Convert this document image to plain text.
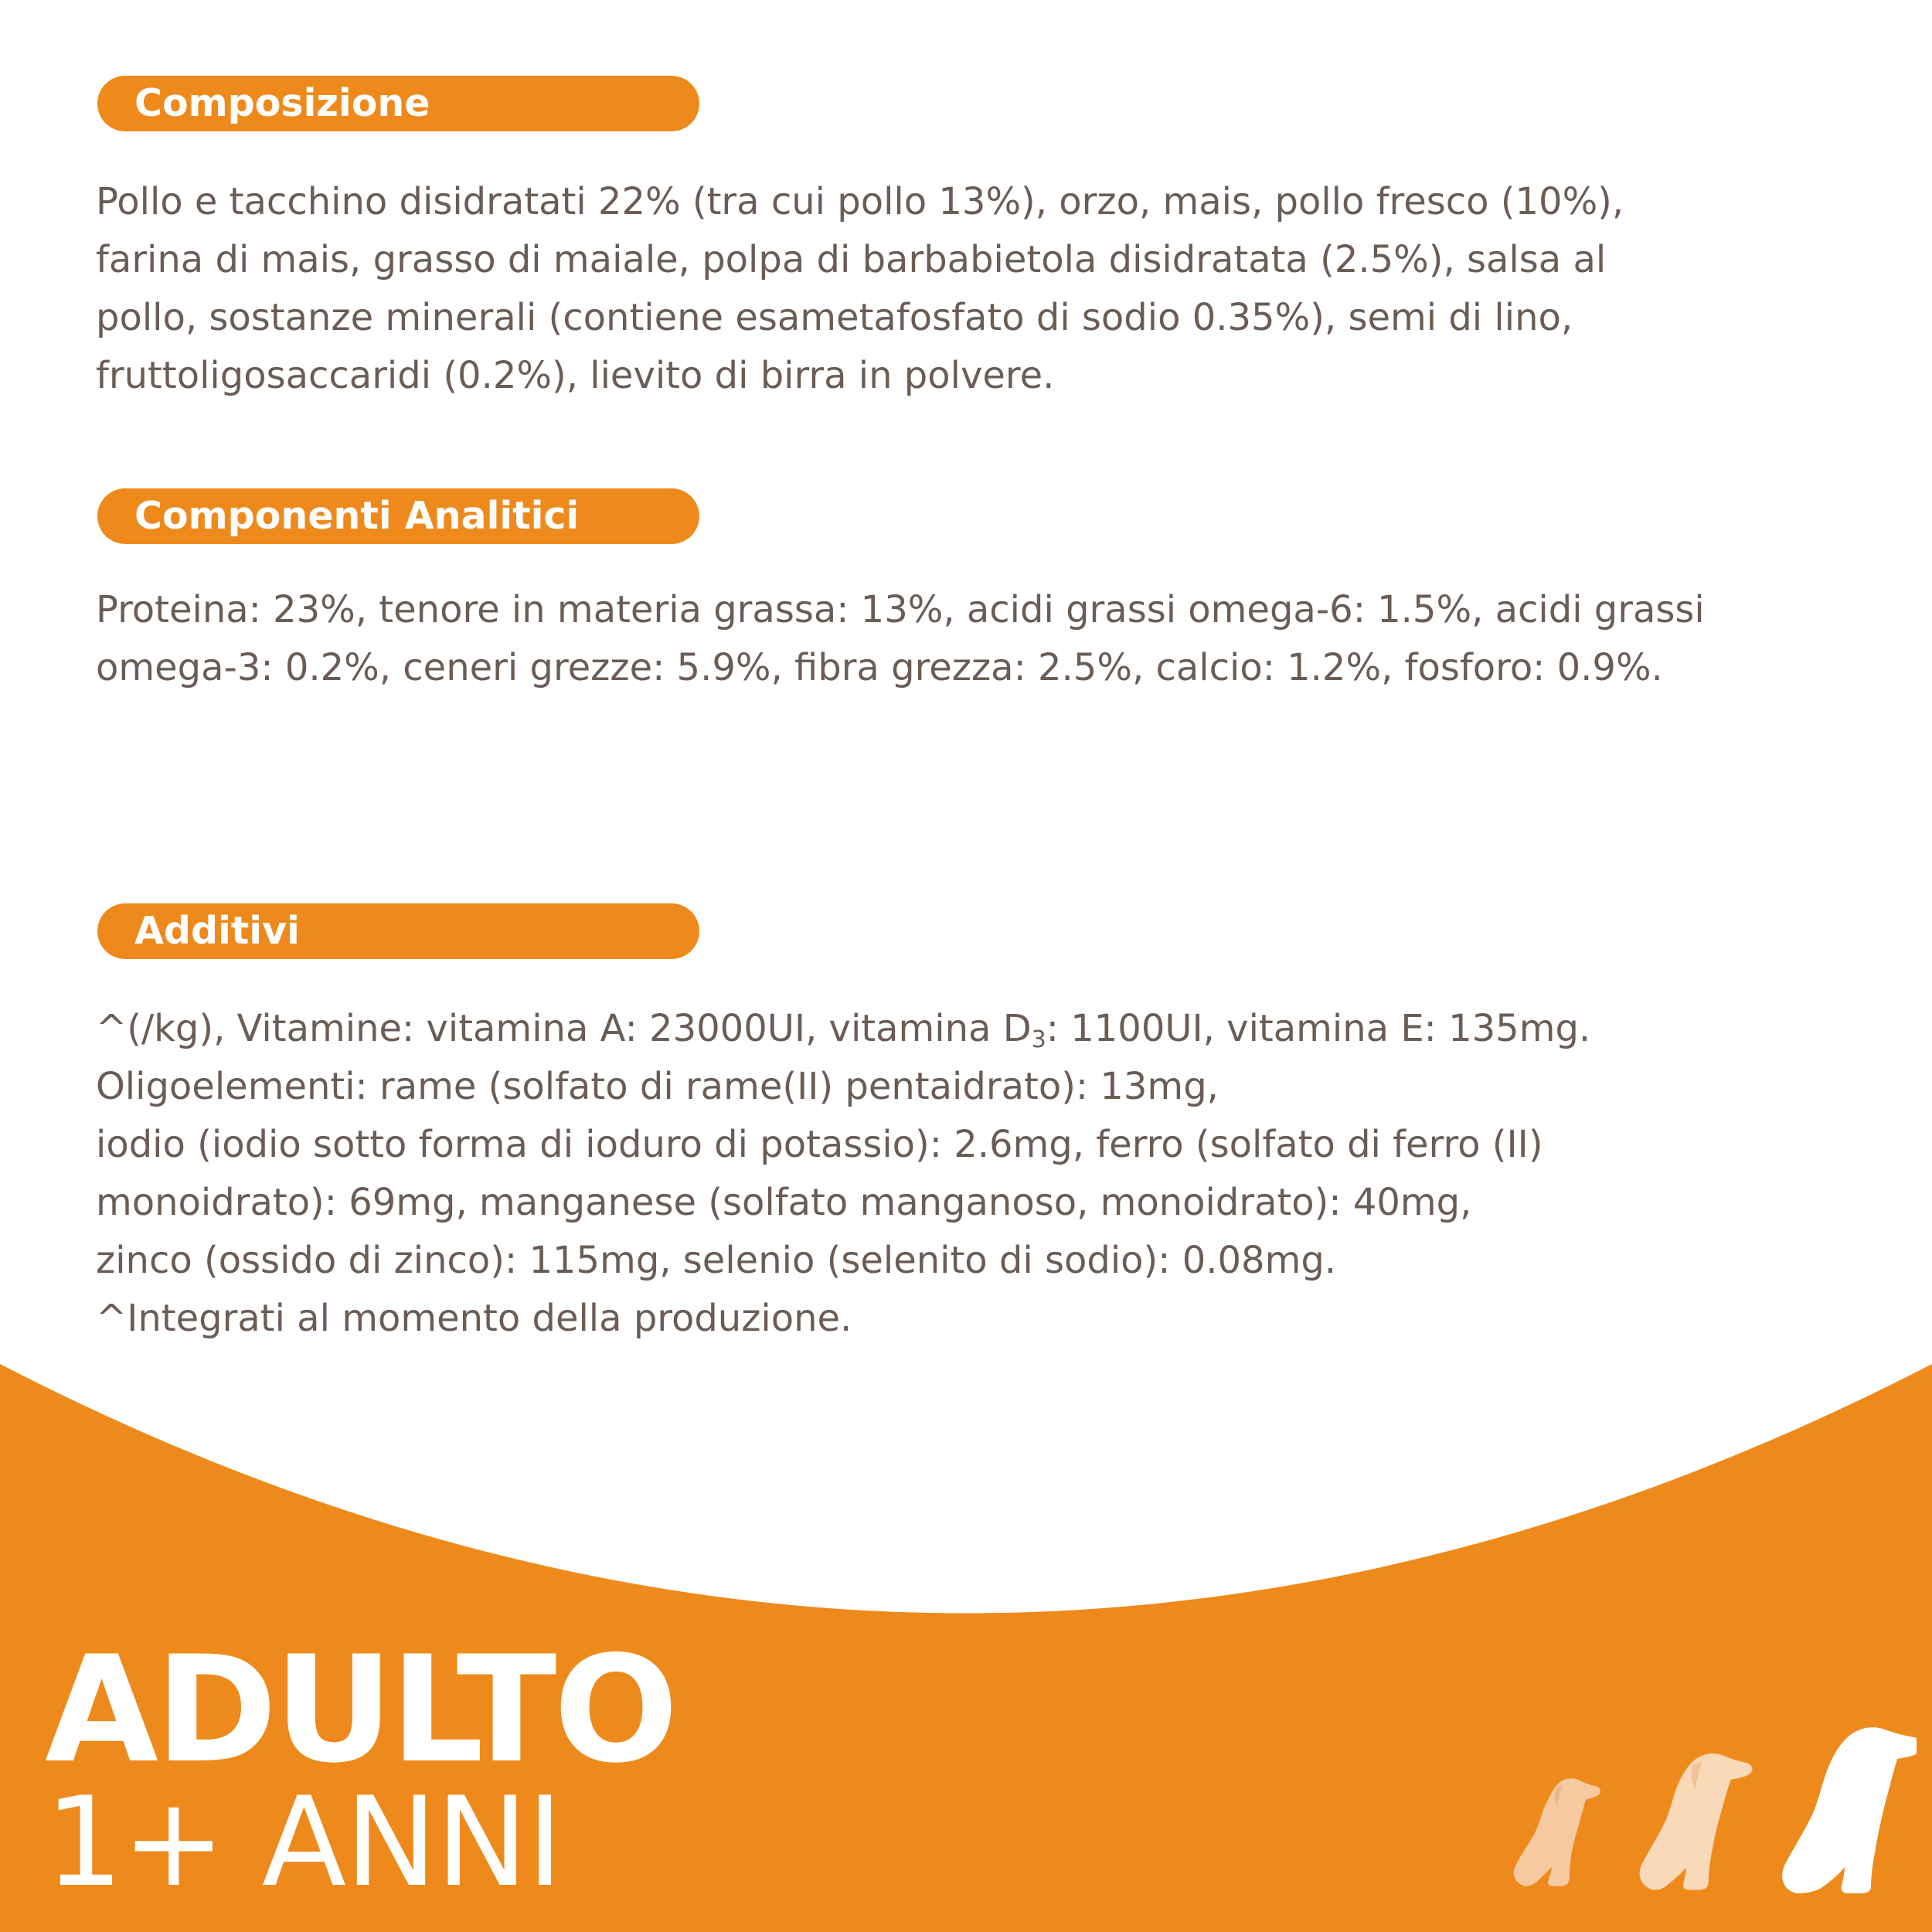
Composizione
Pollo e tacchino disidratati 22% (tra cui pollo 13%), orzo, mais, pollo fresco (10%),
farina di mais, grasso di maiale, polpa di barbabietola disidratata (2.5%), salsa al
pollo, sostanze minerali (contiene esametafosfato di sodio 0.35%), semi di lino,
fruttoligosaccaridi (0.2%), lievito di birra in polvere.
Componenti Analitici
Proteina: 23%, tenore in materia grassa: 13%, acidi grassi omega-6: 1.5%, acidi grassi
omega-3: 0.2%, ceneri grezze: 5.9%, fibra grezza: 2.5%, calcio: 1.2%, fosforo: 0.9%.
Additivi
^(/kg), Vitamine: vitamina A: 23000UI, vitamina $D_3$: 1100UI, vitamina E: 135mg.
Oligoelementi: rame (solfato di rame(II) pentaidrato): 13mg,
iodio (iodio sotto forma di ioduro di potassio): 2.6mg, ferro (solfato di ferro (II)
monoidrato): 69mg, manganese (solfato manganoso, monoidrato): 40mg,
zinco (ossido di zinco): 115mg, selenio (selenito di sodio): 0.08mg.
^Integrati al momento della produzione.
ADULTO
1+ ANNI
